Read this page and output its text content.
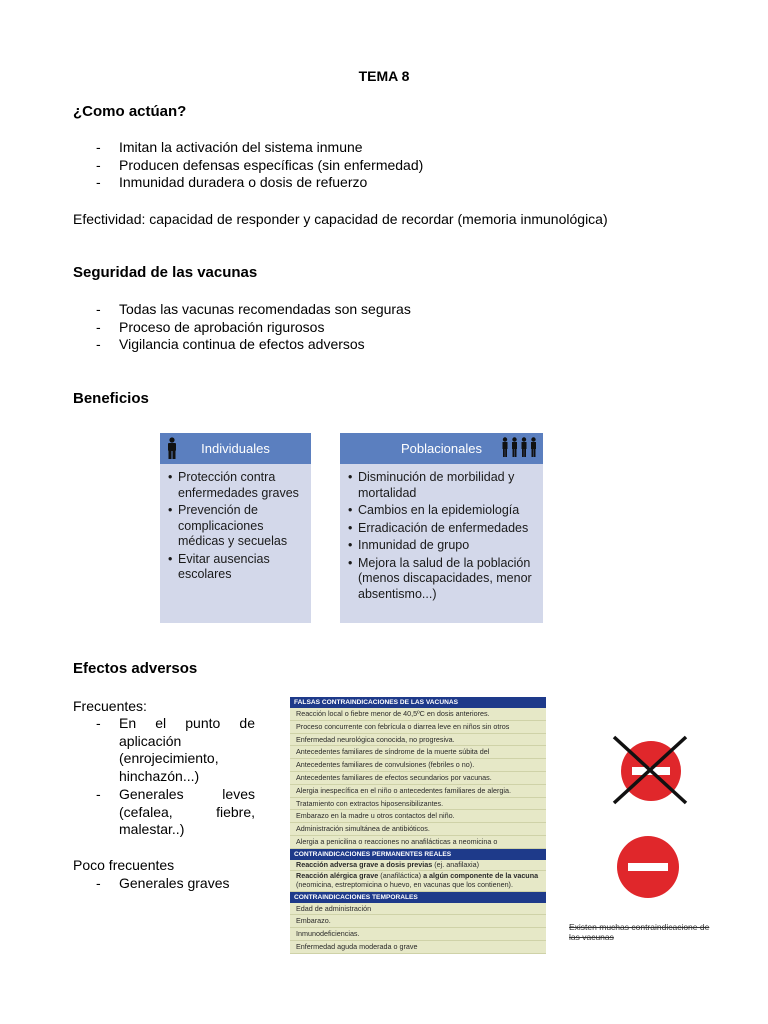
TEMA 8
¿Como actúan?
-	Imitan la activación del sistema inmune
-	Producen defensas específicas (sin enfermedad)
-	Inmunidad duradera o dosis de refuerzo
Efectividad: capacidad de responder y capacidad de recordar (memoria inmunológica)
Seguridad de las vacunas
-	Todas las vacunas recomendadas son seguras
-	Proceso de aprobación rigurosos
-	Vigilancia continua de efectos adversos
Beneficios
Individuales
• Protección contra enfermedades graves
• Prevención de complicaciones médicas y secuelas
• Evitar ausencias escolares
Poblacionales
• Disminución de morbilidad y mortalidad
• Cambios en la epidemiología
• Erradicación de enfermedades
• Inmunidad de grupo
• Mejora la salud de la población (menos discapacidades, menor absentismo...)
Efectos adversos
Frecuentes:
-	En el punto de
aplicación
(enrojecimiento,
hinchazón...)
-	Generales leves
(cefalea, fiebre,
malestar..)
Poco frecuentes
-	Generales graves
FALSAS CONTRAINDICACIONES DE LAS VACUNAS
Reacción local o fiebre menor de 40,5ºC en dosis anteriores.
Proceso concurrente con febrícula o diarrea leve en niños sin otros
Enfermedad neurológica conocida, no progresiva.
Antecedentes familiares de síndrome de la muerte súbita del
Antecedentes familiares de convulsiones (febriles o no).
Antecedentes familiares de efectos secundarios por vacunas.
Alergia inespecífica en el niño o antecedentes familiares de alergia.
Tratamiento con extractos hiposensibilizantes.
Embarazo en la madre u otros contactos del niño.
Administración simultánea de antibióticos.
Alergia a penicilina o reacciones no anafilácticas a neomicina o
CONTRAINDICACIONES PERMANENTES REALES
Reacción adversa grave a dosis previas (ej. anafilaxia)
Reacción alérgica grave (anafiláctica) a algún componente de la vacuna (neomicina, estreptomicina o huevo, en vacunas que los contienen).
CONTRAINDICACIONES TEMPORALES
Edad de administración
Embarazo.
Inmunodeficiencias.
Enfermedad aguda moderada o grave
Existen muchas contraindicacione de las vacunas
